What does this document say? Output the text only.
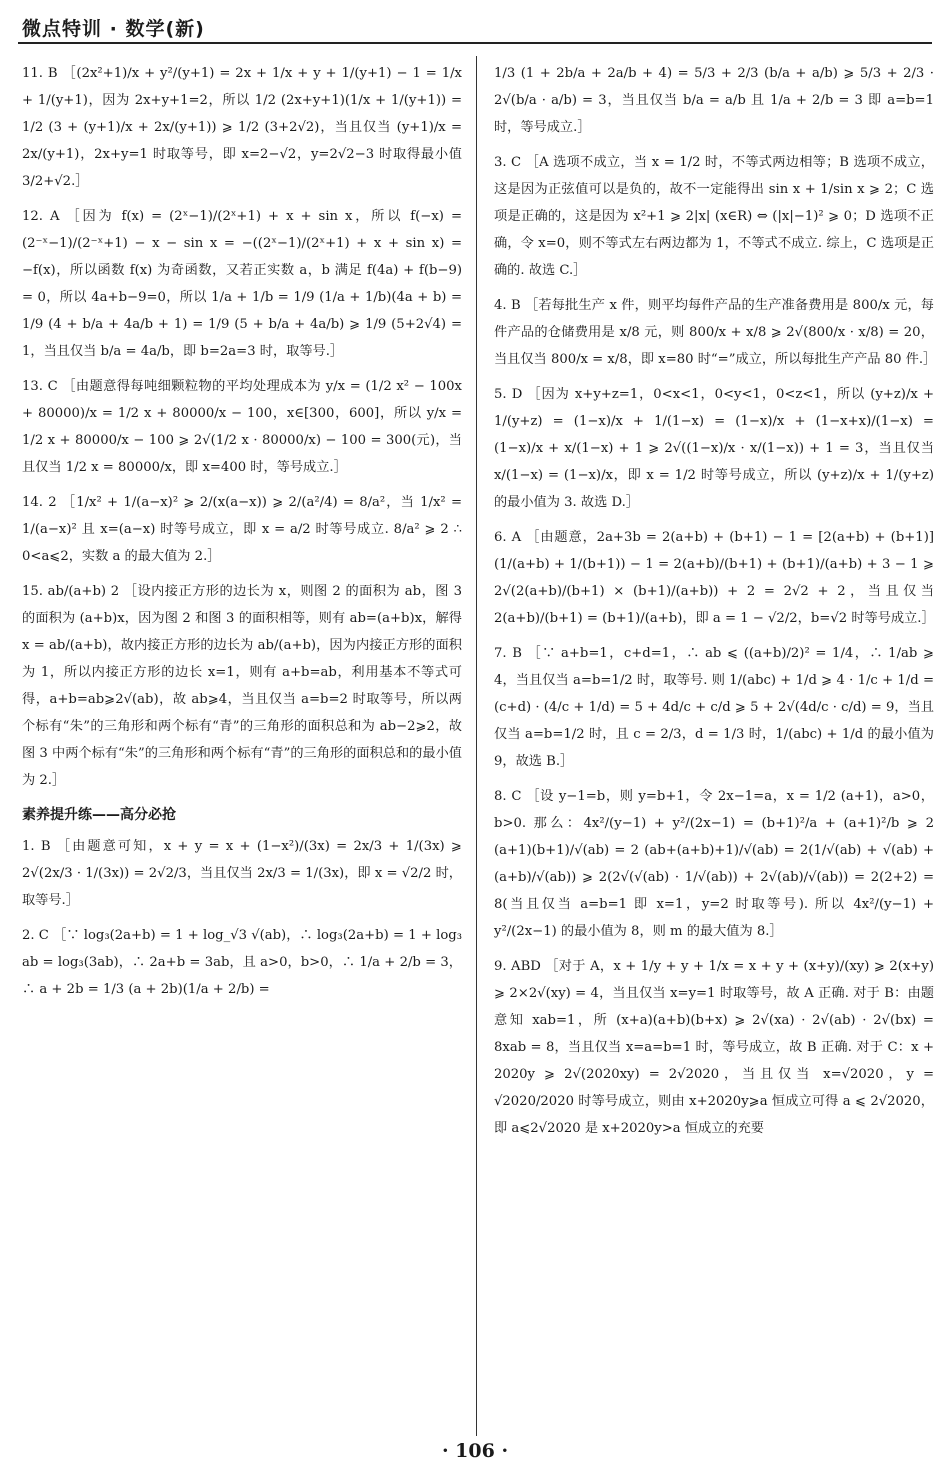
微点特训 · 数学(新)

11. B ［(2x²+1)/x + y²/(y+1) = 2x + 1/x + y + 1/(y+1) − 1 = 1/x + 1/(y+1)，因为 2x+y+1=2，所以 1/2 (2x+y+1)(1/x + 1/(y+1)) = 1/2 (3 + (y+1)/x + 2x/(y+1)) ⩾ 1/2 (3+2√2)，当且仅当 (y+1)/x = 2x/(y+1)，2x+y=1 时取等号，即 x=2−√2，y=2√2−3 时取得最小值 3/2+√2.］

12. A ［因为 f(x) = (2ˣ−1)/(2ˣ+1) + x + sin x，所以 f(−x) = (2⁻ˣ−1)/(2⁻ˣ+1) − x − sin x = −((2ˣ−1)/(2ˣ+1) + x + sin x) = −f(x)，所以函数 f(x) 为奇函数，又若正实数 a，b 满足 f(4a) + f(b−9) = 0，所以 4a+b−9=0，所以 1/a + 1/b = 1/9 (1/a + 1/b)(4a + b) = 1/9 (4 + b/a + 4a/b + 1) = 1/9 (5 + b/a + 4a/b) ⩾ 1/9 (5+2√4) = 1，当且仅当 b/a = 4a/b，即 b=2a=3 时，取等号.］

13. C ［由题意得每吨细颗粒物的平均处理成本为 y/x = (1/2 x² − 100x + 80000)/x = 1/2 x + 80000/x − 100，x∈[300，600]，所以 y/x = 1/2 x + 80000/x − 100 ⩾ 2√(1/2 x · 80000/x) − 100 = 300(元)，当且仅当 1/2 x = 80000/x，即 x=400 时，等号成立.］

14. 2 ［1/x² + 1/(a−x)² ⩾ 2/(x(a−x)) ⩾ 2/(a²/4) = 8/a²，当 1/x² = 1/(a−x)² 且 x=(a−x) 时等号成立，即 x = a/2 时等号成立. 8/a² ⩾ 2 ∴ 0<a⩽2，实数 a 的最大值为 2.］

15. ab/(a+b) 2 ［设内接正方形的边长为 x，则图 2 的面积为 ab，图 3 的面积为 (a+b)x，因为图 2 和图 3 的面积相等，则有 ab=(a+b)x，解得 x = ab/(a+b)，故内接正方形的边长为 ab/(a+b)，因为内接正方形的面积为 1，所以内接正方形的边长 x=1，则有 a+b=ab，利用基本不等式可得，a+b=ab⩾2√(ab)，故 ab⩾4，当且仅当 a=b=2 时取等号，所以两个标有“朱”的三角形和两个标有“青”的三角形的面积总和为 ab−2⩾2，故图 3 中两个标有“朱”的三角形和两个标有“青”的三角形的面积总和的最小值为 2.］

素养提升练——高分必抢

1. B ［由题意可知，x + y = x + (1−x²)/(3x) = 2x/3 + 1/(3x) ⩾ 2√(2x/3 · 1/(3x)) = 2√2/3，当且仅当 2x/3 = 1/(3x)，即 x = √2/2 时，取等号.］

2. C ［∵ log₃(2a+b) = 1 + log_√3 √(ab)，∴ log₃(2a+b) = 1 + log₃ ab = log₃(3ab)，∴ 2a+b = 3ab，且 a>0，b>0，∴ 1/a + 2/b = 3，∴ a + 2b = 1/3 (a + 2b)(1/a + 2/b) =

1/3 (1 + 2b/a + 2a/b + 4) = 5/3 + 2/3 (b/a + a/b) ⩾ 5/3 + 2/3 · 2√(b/a · a/b) = 3，当且仅当 b/a = a/b 且 1/a + 2/b = 3 即 a=b=1 时，等号成立.］

3. C ［A 选项不成立，当 x = 1/2 时，不等式两边相等；B 选项不成立，这是因为正弦值可以是负的，故不一定能得出 sin x + 1/sin x ⩾ 2；C 选项是正确的，这是因为 x²+1 ⩾ 2|x| (x∈R) ⇔ (|x|−1)² ⩾ 0；D 选项不正确，令 x=0，则不等式左右两边都为 1，不等式不成立. 综上，C 选项是正确的. 故选 C.］

4. B ［若每批生产 x 件，则平均每件产品的生产准备费用是 800/x 元，每件产品的仓储费用是 x/8 元，则 800/x + x/8 ⩾ 2√(800/x · x/8) = 20，当且仅当 800/x = x/8，即 x=80 时“=”成立，所以每批生产产品 80 件.］

5. D ［因为 x+y+z=1，0<x<1，0<y<1，0<z<1，所以 (y+z)/x + 1/(y+z) = (1−x)/x + 1/(1−x) = (1−x)/x + (1−x+x)/(1−x) = (1−x)/x + x/(1−x) + 1 ⩾ 2√((1−x)/x · x/(1−x)) + 1 = 3，当且仅当 x/(1−x) = (1−x)/x，即 x = 1/2 时等号成立，所以 (y+z)/x + 1/(y+z) 的最小值为 3. 故选 D.］

6. A ［由题意，2a+3b = 2(a+b) + (b+1) − 1 = [2(a+b) + (b+1)](1/(a+b) + 1/(b+1)) − 1 = 2(a+b)/(b+1) + (b+1)/(a+b) + 3 − 1 ⩾ 2√(2(a+b)/(b+1) × (b+1)/(a+b)) + 2 = 2√2 + 2，当且仅当 2(a+b)/(b+1) = (b+1)/(a+b)，即 a = 1 − √2/2，b=√2 时等号成立.］

7. B ［∵ a+b=1，c+d=1，∴ ab ⩽ ((a+b)/2)² = 1/4，∴ 1/ab ⩾ 4，当且仅当 a=b=1/2 时，取等号. 则 1/(abc) + 1/d ⩾ 4 · 1/c + 1/d = (c+d) · (4/c + 1/d) = 5 + 4d/c + c/d ⩾ 5 + 2√(4d/c · c/d) = 9，当且仅当 a=b=1/2 时，且 c = 2/3，d = 1/3 时，1/(abc) + 1/d 的最小值为 9，故选 B.］

8. C ［设 y−1=b，则 y=b+1，令 2x−1=a，x = 1/2 (a+1)，a>0，b>0. 那么：4x²/(y−1) + y²/(2x−1) = (b+1)²/a + (a+1)²/b ⩾ 2 (a+1)(b+1)/√(ab) = 2 (ab+(a+b)+1)/√(ab) = 2(1/√(ab) + √(ab) + (a+b)/√(ab)) ⩾ 2(2√(√(ab) · 1/√(ab)) + 2√(ab)/√(ab)) = 2(2+2) = 8(当且仅当 a=b=1 即 x=1，y=2 时取等号). 所以 4x²/(y−1) + y²/(2x−1) 的最小值为 8，则 m 的最大值为 8.］

9. ABD ［对于 A，x + 1/y + y + 1/x = x + y + (x+y)/(xy) ⩾ 2(x+y) ⩾ 2×2√(xy) = 4，当且仅当 x=y=1 时取等号，故 A 正确. 对于 B：由题意知 xab=1，所 (x+a)(a+b)(b+x) ⩾ 2√(xa) · 2√(ab) · 2√(bx) = 8xab = 8，当且仅当 x=a=b=1 时，等号成立，故 B 正确. 对于 C：x + 2020y ⩾ 2√(2020xy) = 2√2020，当且仅当 x=√2020，y = √2020/2020 时等号成立，则由 x+2020y⩾a 恒成立可得 a ⩽ 2√2020，即 a⩽2√2020 是 x+2020y>a 恒成立的充要

· 106 ·
